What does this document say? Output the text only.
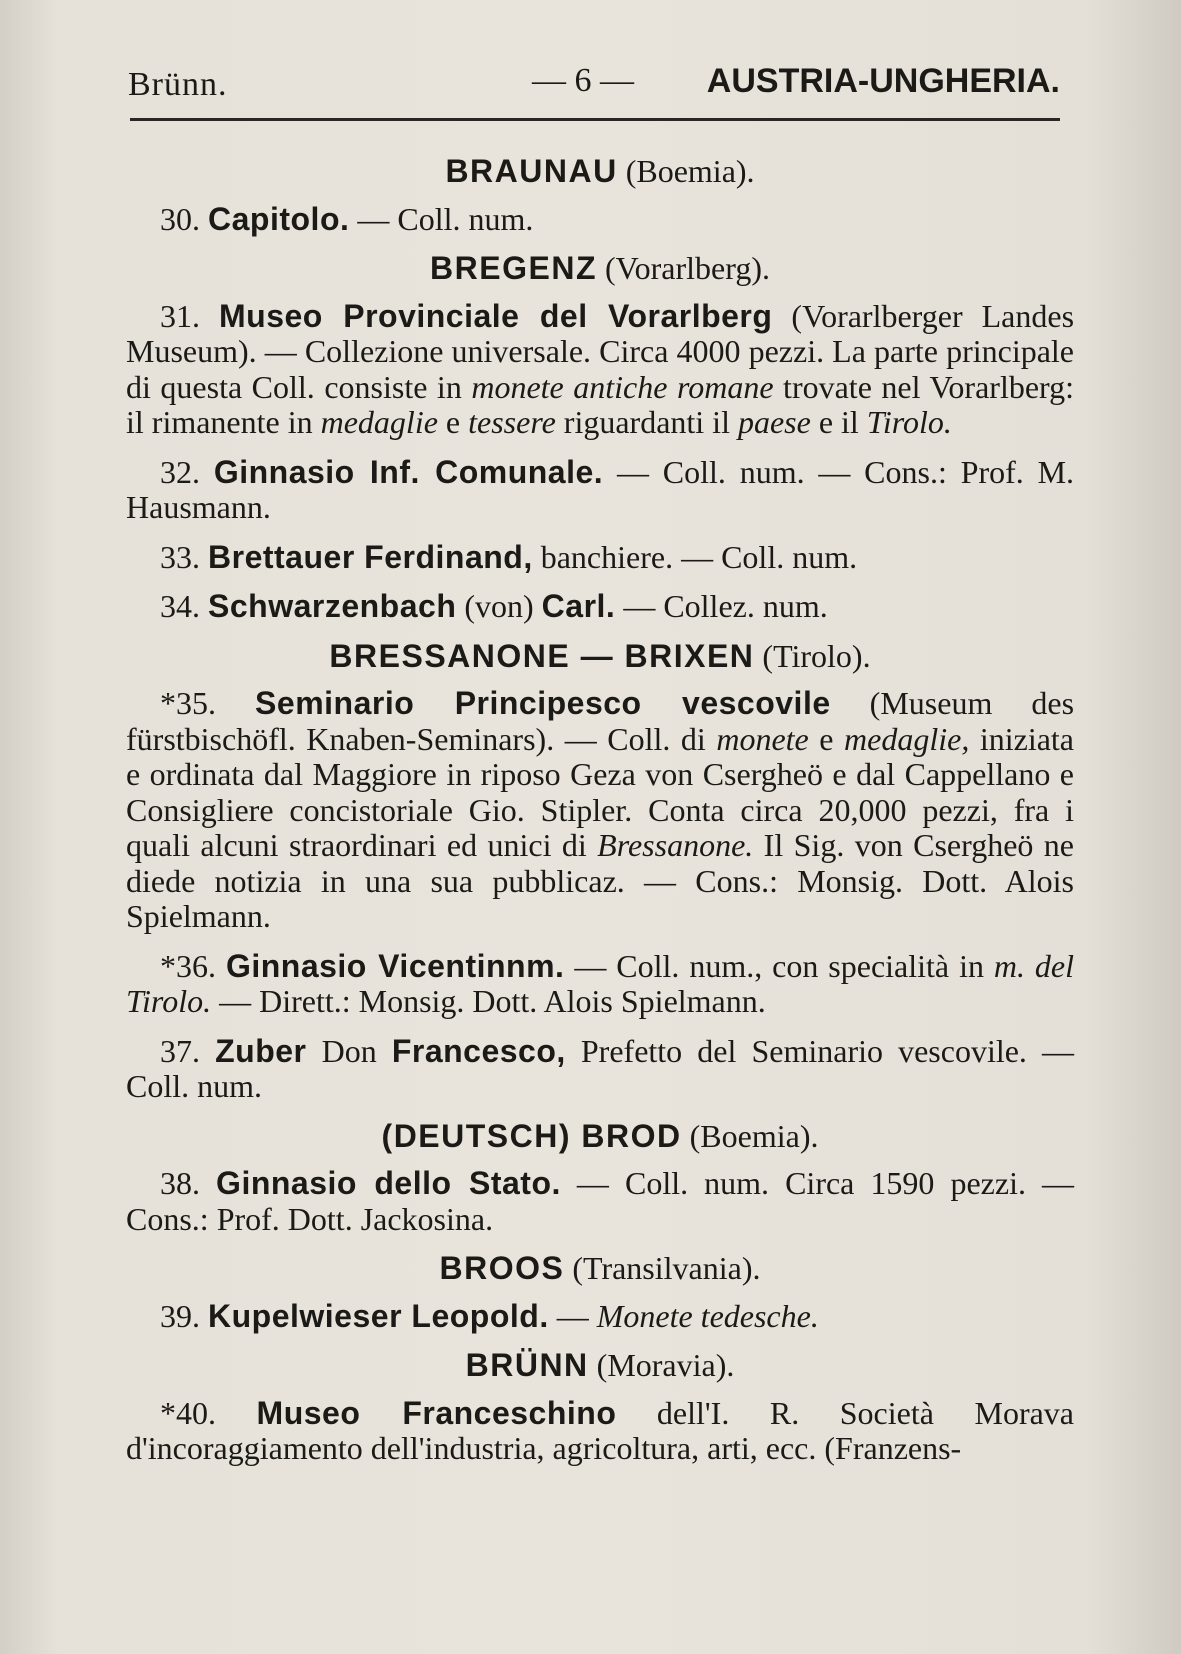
Brünn.	— 6 — AUSTRIA-UNGHERIA.
BRAUNAU (Boemia).

30. Capitolo. — Coll. num.

BREGENZ (Vorarlberg).

31. Museo Provinciale del Vorarlberg (Vorarlberger Landes Museum). — Collezione universale. Circa 4000 pezzi. La parte principale di questa Coll. consiste in monete antiche romane trovate nel Vorarlberg: il rimanente in medaglie e tessere riguardanti il paese e il Tirolo.

32. Ginnasio Inf. Comunale. — Coll. num. — Cons.: Prof. M. Hausmann.

33. Brettauer Ferdinand, banchiere. — Coll. num.

34. Schwarzenbach (von) Carl. — Collez. num.

BRESSANONE — BRIXEN (Tirolo).

*35. Seminario Principesco vescovile (Museum des fürstbischöfl. Knaben-Seminars). — Coll. di monete e medaglie, iniziata e ordinata dal Maggiore in riposo Geza von Cserghеö e dal Cappellano e Consigliere concistoriale Gio. Stipler. Conta circa 20,000 pezzi, fra i quali alcuni straordinari ed unici di Bressanone. Il Sig. von Cserghеö ne diede notizia in una sua pubblicaz. — Cons.: Monsig. Dott. Alois Spielmann.

*36. Ginnasio Vicentinnm. — Coll. num., con specialità in m. del Tirolo. — Dirett.: Monsig. Dott. Alois Spielmann.

37. Zuber Don Francesco, Prefetto del Seminario vescovile. — Coll. num.

(DEUTSCH) BROD (Boemia).

38. Ginnasio dello Stato. — Coll. num. Circa 1590 pezzi. — Cons.: Prof. Dott. Jackosina.

BROOS (Transilvania).

39. Kupelwieser Leopold. — Monete tedesche.

BRÜNN (Moravia).

*40. Museo Franceschino dell'I. R. Società Morava d'incoraggiamento dell'industria, agricoltura, arti, ecc. (Franzens-
